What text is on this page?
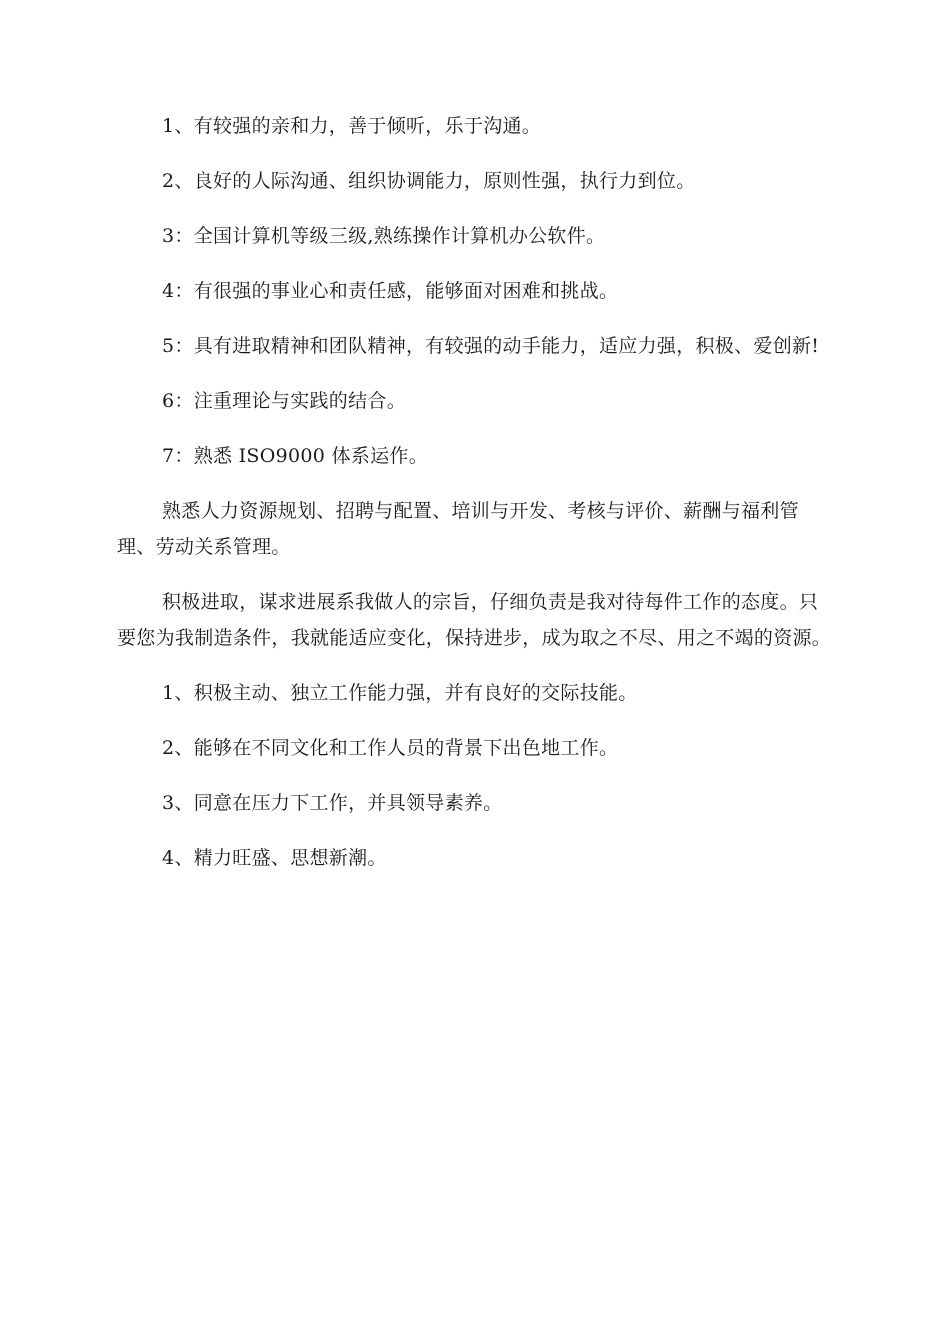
1、有较强的亲和力，善于倾听，乐于沟通。

2、良好的人际沟通、组织协调能力，原则性强，执行力到位。

3：全国计算机等级三级,熟练操作计算机办公软件。

4：有很强的事业心和责任感，能够面对困难和挑战。

5：具有进取精神和团队精神，有较强的动手能力，适应力强，积极、爱创新!

6：注重理论与实践的结合。

7：熟悉 ISO9000 体系运作。

熟悉人力资源规划、招聘与配置、培训与开发、考核与评价、薪酬与福利管理、劳动关系管理。

积极进取，谋求进展系我做人的宗旨，仔细负责是我对待每件工作的态度。只要您为我制造条件，我就能适应变化，保持进步，成为取之不尽、用之不竭的资源。

1、积极主动、独立工作能力强，并有良好的交际技能。

2、能够在不同文化和工作人员的背景下出色地工作。

3、同意在压力下工作，并具领导素养。

4、精力旺盛、思想新潮。
